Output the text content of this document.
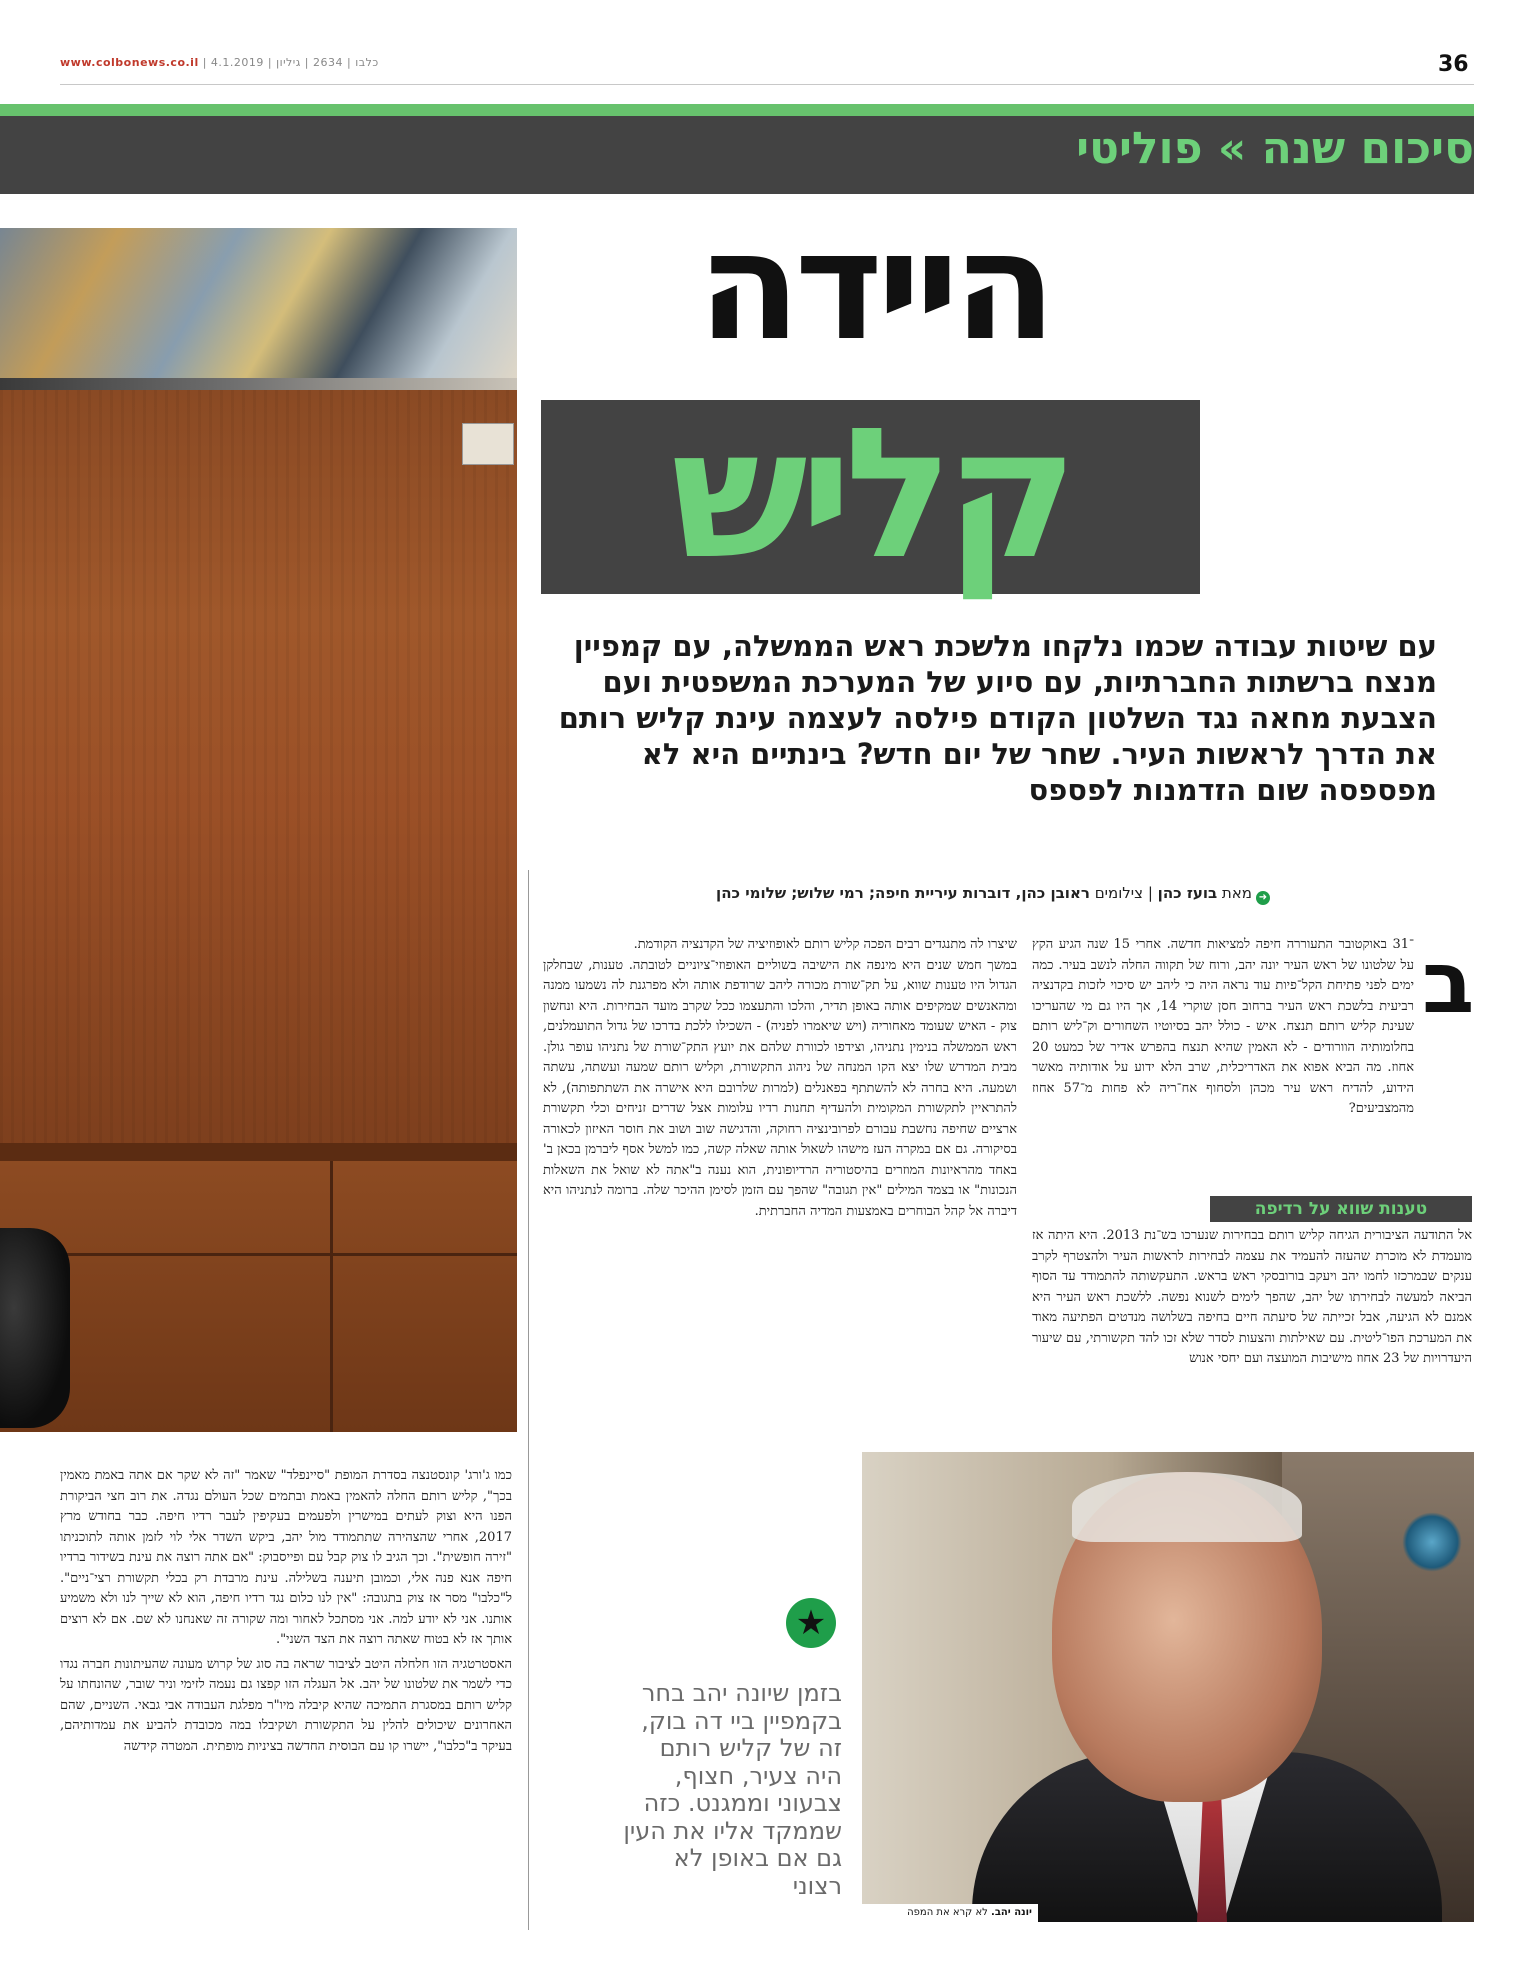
www.colbonews.co.il | כלבו | 2634 | גיליון | 4.1.2019	36
סיכום שנה » פוליטי
היידה
קליש
עם שיטות עבודה שכמו נלקחו מלשכת ראש הממשלה, עם קמפיין מנצח ברשתות החברתיות, עם סיוע של המערכת המשפטית ועם הצבעת מחאה נגד השלטון הקודם פילסה לעצמה עינת קליש רותם את הדרך לראשות העיר. שחר של יום חדש? בינתיים היא לא מפספסה שום הזדמנות לפספס
➜מאת בועז כהן | צילומים ראובן כהן, דוברות עיריית חיפה; רמי שלוש; שלומי כהן
ב

־31 באוקטובר התעוררה חיפה למציאות חדשה. אחרי 15 שנה הגיע הקץ על שלטונו של ראש העיר יונה יהב, ורוח של תקווה החלה לנשב בעיר. כמה ימים לפני פתיחת הקל־פיות עוד נראה היה כי ליהב יש סיכוי לזכות בקדנציה רביעית בלשכת ראש העיר ברחוב חסן שוקרי 14, אך היו גם מי שהעריכו שעינת קליש רותם תנצח. איש - כולל יהב בסיוטיו השחורים וק־ליש רותם בחלומותיה הוורודים - לא האמין שהיא תנצח בהפרש אדיר של כמעט 20 אחוז. מה הביא אפוא את האדריכלית, שרב הלא ידוע על אודותיה מאשר הידוע, להדיח ראש עיר מכהן ולסחוף אח־ריה לא פחות מ־57 אחוז מהמצביעים?

טענות שווא על רדיפה

אל התודעה הציבורית הגיחה קליש רותם בבחירות שנערכו בש־נת 2013. היא היתה אז מועמדת לא מוכרת שהעזה להעמיד את עצמה לבחירות לראשות העיר ולהצטרף לקרב ענקים שבמרכזו לחמו יהב ויעקב בורובסקי ראש בראש. התעקשותה להתמודד עד הסוף הביאה למעשה לבחירתו של יהב, שהפך לימים לשנוא נפשה. ללשכת ראש העיר היא אמנם לא הגיעה, אבל זכייתה של סיעתה חיים בחיפה בשלושה מנדטים הפתיעה מאוד את המערכת הפו־ליטית. עם שאילתות והצעות לסדר שלא זכו להד תקשורתי, עם שיעור היעדרויות של 23 אחוז מישיבות המועצה ועם יחסי אנוש

שיצרו לה מתנגדים רבים הפכה קליש רותם לאופוזיציה של הקדנציה הקודמת.

במשך חמש שנים היא מינפה את הישיבה בשוליים האופוזי־ציוניים לטובתה. טענות, שבחלקן הגדול היו טענות שווא, על תק־שורת מכורה ליהב שרודפת אותה ולא מפרגנת לה נשמעו ממנה ומהאנשים שמקיפים אותה באופן תדיר, והלכו והתעצמו ככל שקרב מועד הבחירות. היא ונחשון צוק - האיש שעומד מאחוריה (ויש שיאמרו לפניה) - השכילו ללכת בדרכו של גדול התועמלנים, ראש הממשלה בנימין נתניהו, וצידפו לכוורת שלהם את יועץ התק־שורת של נתניהו עופר גולן. מבית המדרש שלו יצא הקו המנחה של ניהוג התקשורת, וקליש רותם שמעה ועשתה, עשתה ושמעה. היא בחרה לא להשתתף בפאנלים (למרות שלרובם היא אישרה את השתתפותה), לא להתראיין לתקשורת המקומית ולהעדיף תחנות רדיו עלומות אצל שדרים זניחים וכלי תקשורת ארציים שחיפה נחשבת עבורם לפרובינציה רחוקה, והדגישה שוב ושוב את חוסר האיזון לכאורה בסיקורה. גם אם במקרה העז מישהו לשאול אותה שאלה קשה, כמו למשל אסף ליברמן בכאן ב' באחד מהראיונות המוזרים בהיסטוריה הרדיופונית, הוא נענה ב"אתה לא שואל את השאלות הנכונות" או בצמד המילים "אין תגובה" שהפך עם הזמן לסימן ההיכר שלה. ברומה לנתניהו היא דיברה אל קהל הבוחרים באמצעות המדיה החברתית.

כמו ג'ורג' קונסטנצה בסדרת המופת "סיינפלד" שאמר "זה לא שקר אם אתה באמת מאמין בכך", קליש רותם החלה להאמין באמת ובתמים שכל העולם נגדה. את רוב חצי הביקורת הפנו היא וצוק לעתים במישרין ולפעמים בעקיפין לעבר רדיו חיפה. כבר בחודש מרץ 2017, אחרי שהצהירה שתתמודד מול יהב, ביקש השדר אלי לוי לזמן אותה לתוכניתו "זירה חופשית". וכך הגיב לו צוק קבל עם ופייסבוק: "אם אתה רוצה את עינת בשידור ברדיו חיפה אנא פנה אלי, וכמובן תיענה בשלילה. עינת מרבדת רק בכלי תקשורת רצי־ניים". ל"כלבו" מסר אז צוק בתגובה: "אין לנו כלום נגד רדיו חיפה, הוא לא שייך לנו ולא משמיע אותנו. אני לא יודע למה. אני מסתכל לאחור ומה שקורה זה שאנחנו לא שם. אם לא רוצים אותך אז לא בטוח שאתה רוצה את הצד השני".

האסטרטגיה הזו חלחלה היטב לציבור שראה בה סוג של קרוש מעונה שהעיתונות חברה נגדו כדי לשמר את שלטונו של יהב. אל העגלה הזו קפצו גם נעמה לזימי וניר שובר, שהונחתו על קליש רותם במסגרת התמיכה שהיא קיבלה מיו"ר מפלגת העבודה אבי גבאי. השניים, שהם האחרונים שיכולים להלין על התקשורת ושקיבלו במה מכובדת להביע את עמדותיהם, בעיקר ב"כלבו", יישרו קו עם הבוסית החדשה בציניות מופתית. המטרה קידשה

★
בזמן שיונה יהב בחר בקמפיין ביי דה בוק, זה של קליש רותם היה צעיר, חצוף, צבעוני וממגנט. כזה שממקד אליו את העין גם אם באופן לא רצוני
יונה יהב. לא קרא את המפה
